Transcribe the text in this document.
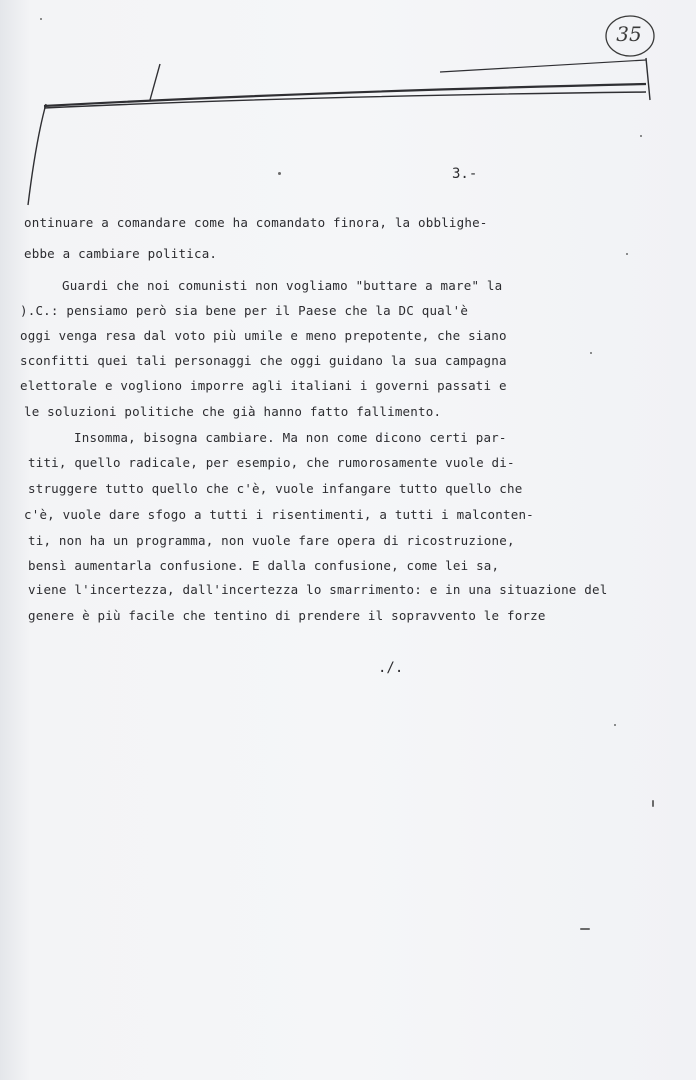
35
3.-
ontinuare a comandare come ha comandato finora, la obblighe-
ebbe a cambiare politica.
Guardi che noi comunisti non vogliamo "buttare a mare" la
).C.: pensiamo però sia bene per il Paese che la DC qual'è
oggi venga resa dal voto più umile e meno prepotente, che siano
sconfitti quei tali personaggi che oggi guidano la sua campagna
elettorale e vogliono imporre agli italiani i governi passati e
le soluzioni politiche che già hanno fatto fallimento.
Insomma, bisogna cambiare. Ma non come dicono certi par-
titi, quello radicale, per esempio, che rumorosamente vuole di-
struggere tutto quello che c'è, vuole infangare tutto quello che
c'è, vuole dare sfogo a tutti i risentimenti, a tutti i malconten-
ti, non ha un programma, non vuole fare opera di ricostruzione,
bensì aumentarla confusione. E dalla confusione, come lei sa,
viene l'incertezza, dall'incertezza lo smarrimento: e in una situazione del
genere è più facile che tentino di prendere il sopravvento le forze
./.
